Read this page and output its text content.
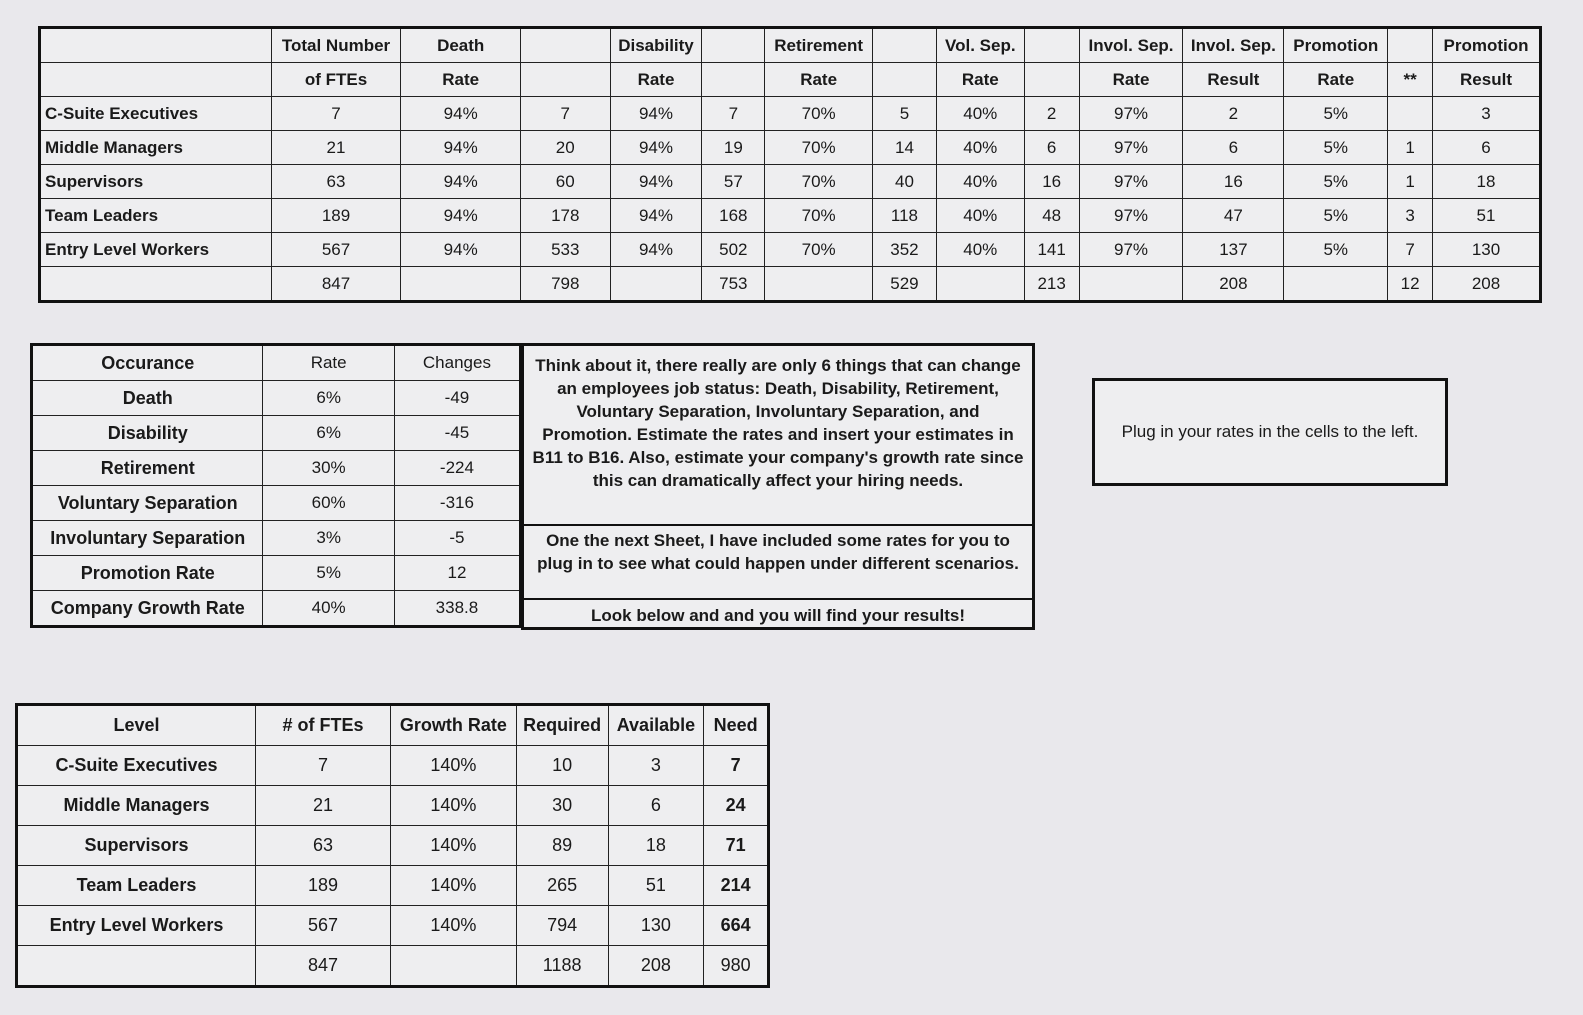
	Total Number	Death		Disability		Retirement		Vol. Sep.		Invol. Sep.	Invol. Sep.	Promotion		Promotion
	of FTEs	Rate		Rate		Rate		Rate		Rate	Result	Rate	**	Result
C-Suite Executives	7	94%	7	94%	7	70%	5	40%	2	97%	2	5%		3
Middle Managers	21	94%	20	94%	19	70%	14	40%	6	97%	6	5%	1	6
Supervisors	63	94%	60	94%	57	70%	40	40%	16	97%	16	5%	1	18
Team Leaders	189	94%	178	94%	168	70%	118	40%	48	97%	47	5%	3	51
Entry Level Workers	567	94%	533	94%	502	70%	352	40%	141	97%	137	5%	7	130
	847		798		753		529		213		208		12	208
Occurance	Rate	Changes
Death	6%	-49
Disability	6%	-45
Retirement	30%	-224
Voluntary Separation	60%	-316
Involuntary Separation	3%	-5
Promotion Rate	5%	12
Company Growth Rate	40%	338.8
Think about it, there really are only 6 things that can change an employees job status: Death, Disability, Retirement, Voluntary Separation, Involuntary Separation, and Promotion. Estimate the rates and insert your estimates in B11 to B16. Also, estimate your company's growth rate since this can dramatically affect your hiring needs.
One the next Sheet, I have included some rates for you to plug in to see what could happen under different scenarios.
Look below and and you will find your results!
Plug in your rates in the cells to the left.
Level	# of FTEs	Growth Rate	Required	Available	Need
C-Suite Executives	7	140%	10	3	7
Middle Managers	21	140%	30	6	24
Supervisors	63	140%	89	18	71
Team Leaders	189	140%	265	51	214
Entry Level Workers	567	140%	794	130	664
	847		1188	208	980
